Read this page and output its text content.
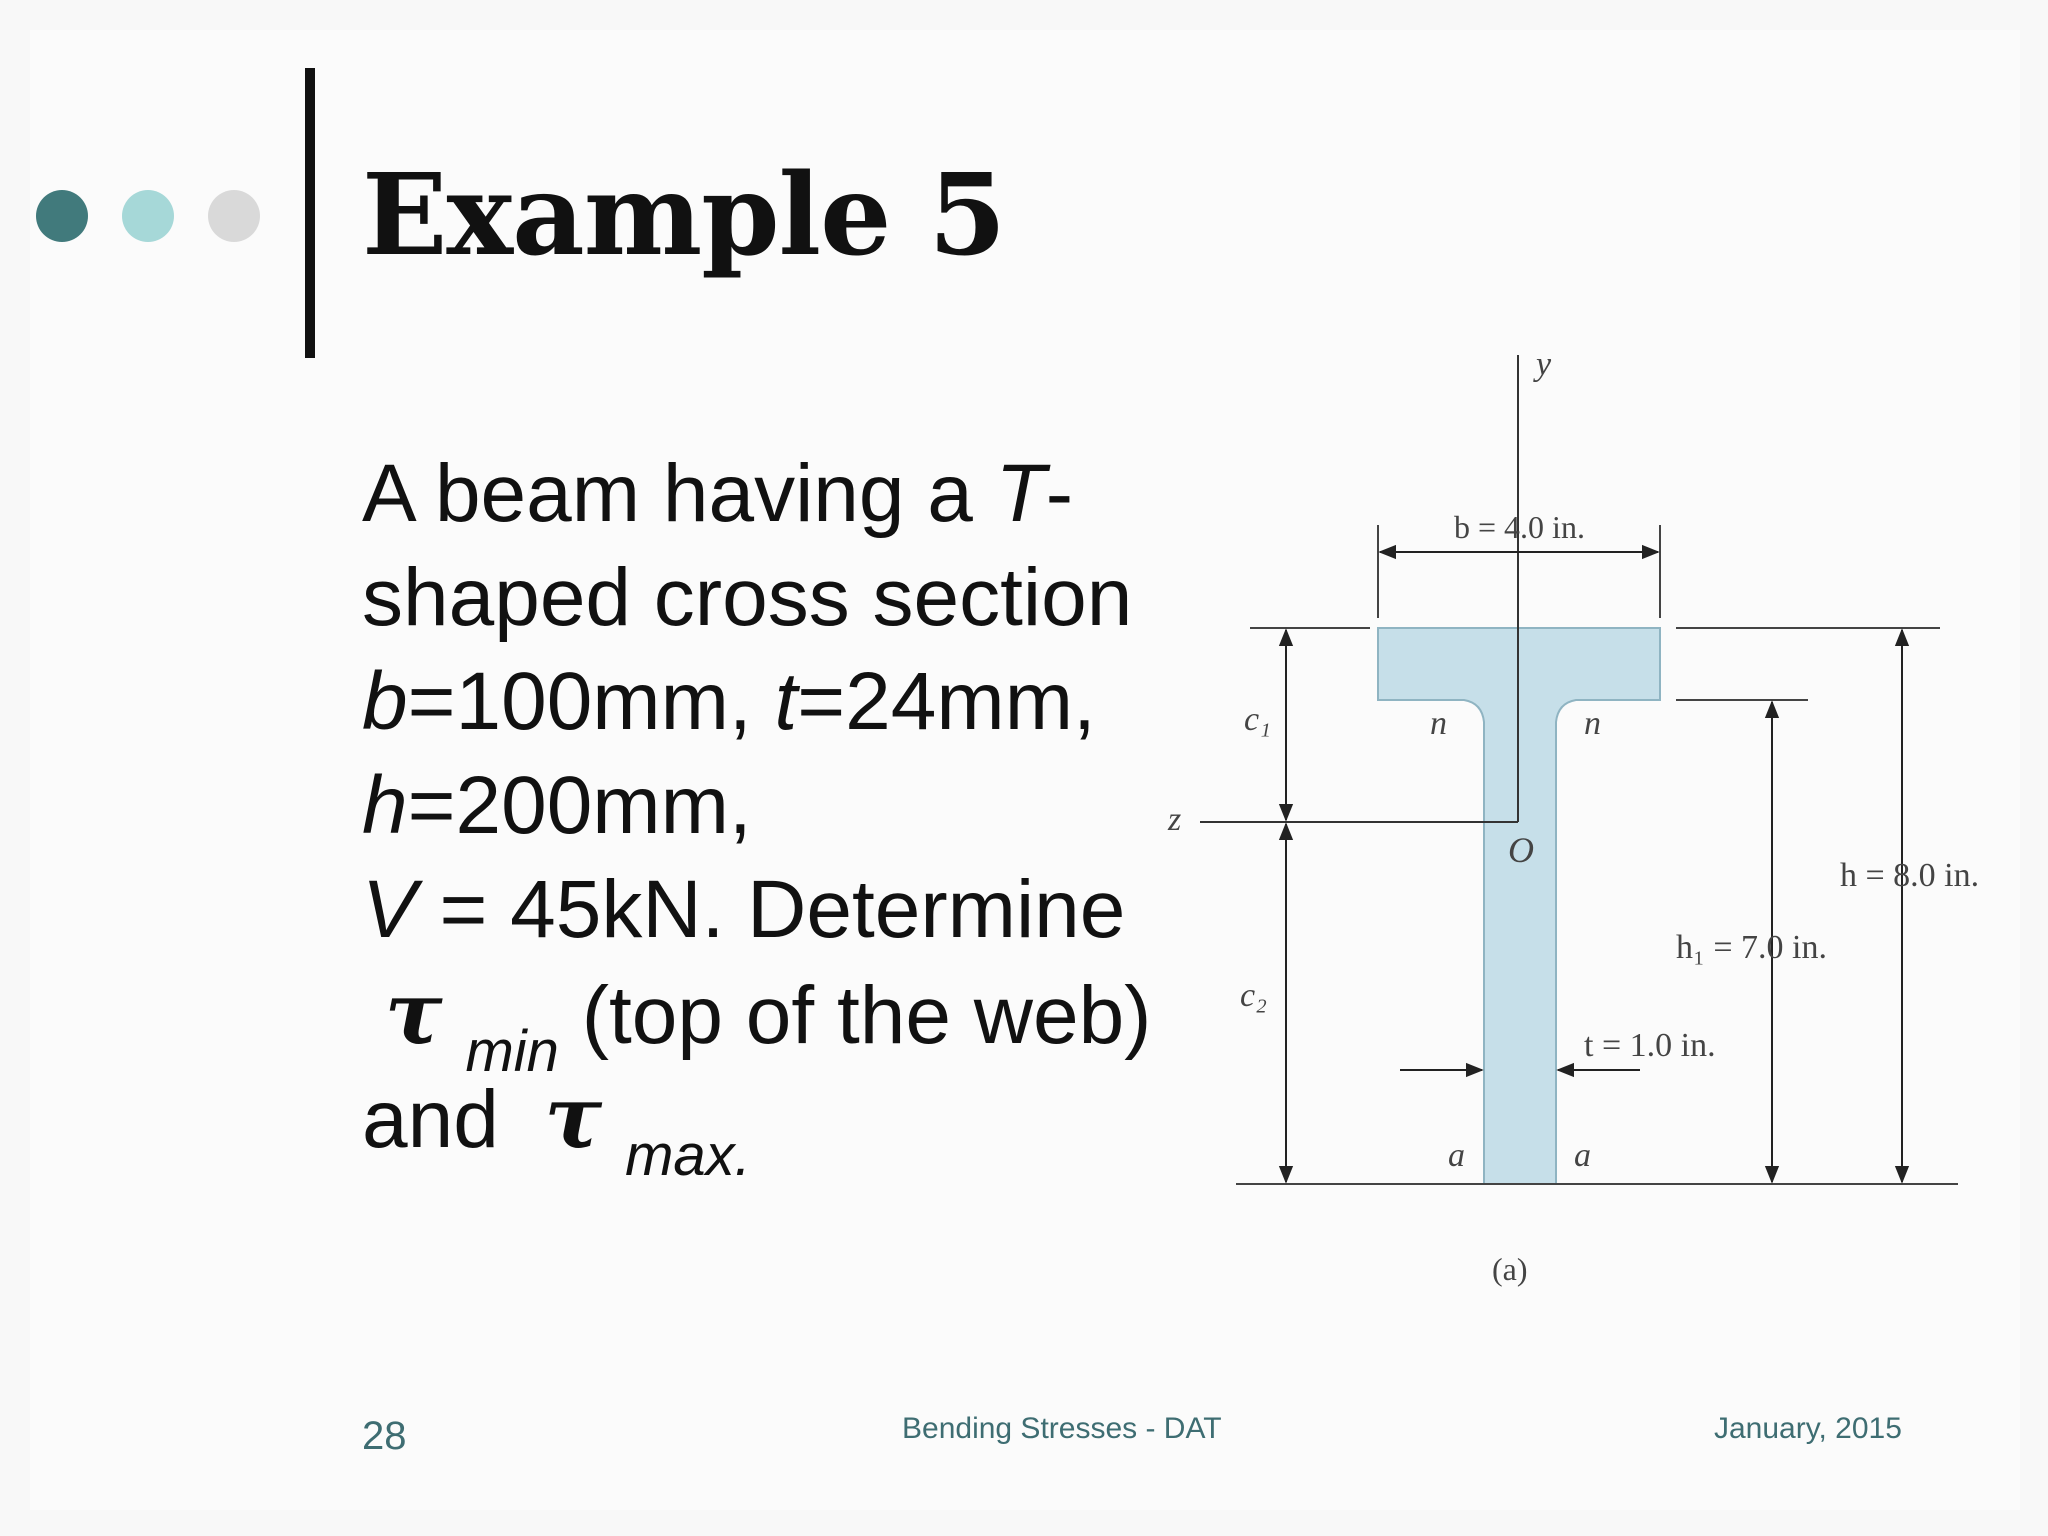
Example 5
A beam having a T-
shaped cross section
b=100mm, t=24mm,
h=200mm,
V = 45kN. Determine
τ $_{min}$ (top of the web)
and  τ $_{max.}$
y
z
O
b = 4.0 in.
h = 8.0 in.
h₁ = 7.0 in.
t = 1.0 in.
c₁
c₂
n	n
a	a
(a)
28	Bending Stresses - DAT	January, 2015
